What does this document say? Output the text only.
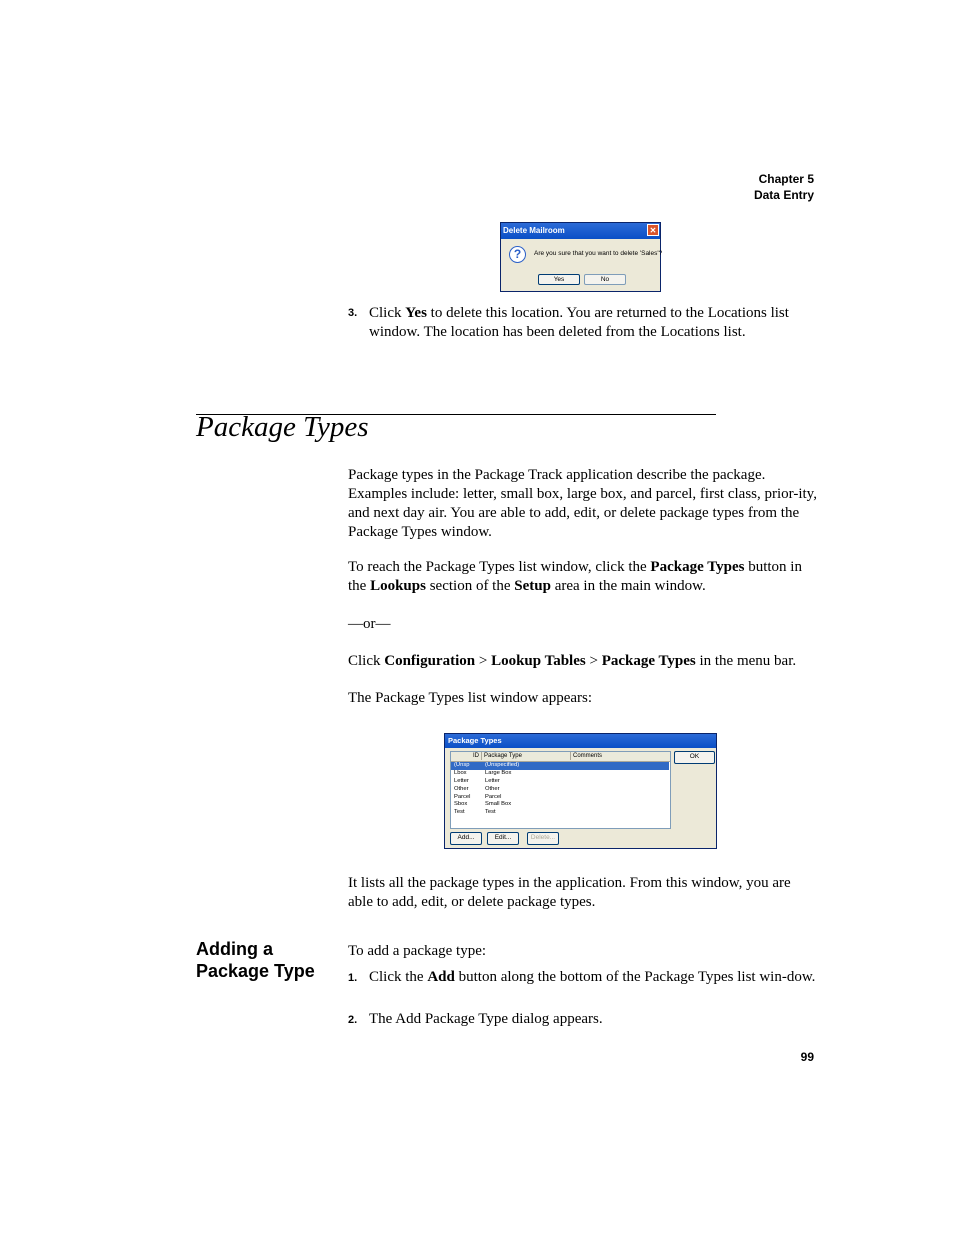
Chapter 5
Data Entry
Delete Mailroom	✕
?	Are you sure that you want to delete 'Sales'?
Yes	No
3. Click Yes to delete this location. You are returned to the Locations list window. The location has been deleted from the Locations list.
Package Types
Package types in the Package Track application describe the package. Examples include: letter, small box, large box, and parcel, first class, prior-ity, and next day air. You are able to add, edit, or delete package types from the Package Types window.
To reach the Package Types list window, click the Package Types button in the Lookups section of the Setup area in the main window.
—or—
Click Configuration > Lookup Tables > Package Types in the menu bar.
The Package Types list window appears:
Package Types
ID Package Type	Comments
(Unsp	(Unspecified)
Lbox	Large Box
Letter	Letter
Other	Other
Parcel	Parcel
Sbox	Small Box
Test	Test
OK
Add...	Edit...	Delete...
It lists all the package types in the application. From this window, you are able to add, edit, or delete package types.
Adding a Package Type
To add a package type:
1. Click the Add button along the bottom of the Package Types list win-dow.
2. The Add Package Type dialog appears.
99
